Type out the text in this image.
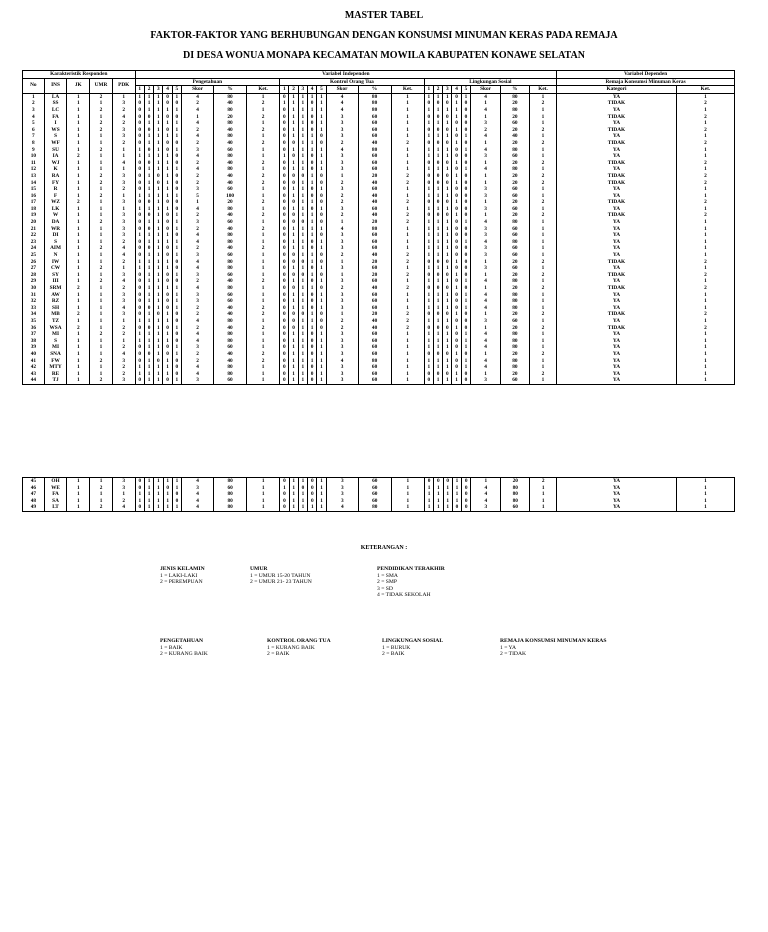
MASTER TABEL
FAKTOR-FAKTOR YANG BERHUBUNGAN DENGAN KONSUMSI MINUMAN KERAS PADA REMAJA
DI DESA WONUA MONAPA KECAMATAN MOWILA KABUPATEN KONAWE SELATAN
Karakteristik Responden					Variabel Independen																								Variabel Dependen	
No	INS	JK	UMR	PDK	Pengetahuan								Kontrol Orang Tua								Lingkungan Sosial								Remaja Konsumsi Minuman Keras	
					1	2	3	4	5	Skor	%	Ket.	1	2	3	4	5	Skor	%	Ket.	1	2	3	4	5	Skor	%	Ket.	Kategori	Ket.
1	LA	1	2	1	1	1	1	0	1	4	80	1	0	1	1	1	1	4	80	1	1	1	1	0	1	4	80	1	YA	1
2	SS	1	1	3	0	1	1	0	0	2	40	2	1	1	1	0	1	4	80	1	0	0	0	1	0	1	20	2	TIDAK	2
3	LC	1	2	2	0	1	1	1	1	4	80	1	0	1	1	1	1	4	80	1	1	1	1	1	0	4	80	1	YA	1
4	FA	1	1	4	0	0	1	0	0	1	20	2	0	1	1	0	1	3	60	1	0	0	0	1	0	1	20	1	TIDAK	2
5	I	1	2	2	0	1	1	1	1	4	80	1	0	1	1	0	1	3	60	1	1	1	1	0	0	3	60	1	YA	1
6	WS	1	2	3	0	0	1	0	1	2	40	2	0	1	1	0	1	3	60	1	0	0	0	1	0	2	20	2	TIDAK	2
7	S	1	1	3	0	1	1	1	1	4	80	1	0	1	1	1	0	3	60	1	1	1	1	0	1	4	40	1	YA	1
8	WF	1	1	2	0	1	1	0	0	2	40	2	0	0	1	1	0	2	40	2	0	0	0	1	0	1	20	2	TIDAK	2
9	SU	1	2	1	1	0	1	0	1	3	60	1	0	1	1	1	1	4	80	1	1	1	1	0	1	4	80	1	YA	1
10	IA	2	1	1	1	1	1	1	0	4	80	1	1	0	1	0	1	3	60	1	1	1	1	0	0	3	60	1	YA	1
11	WJ	1	1	4	0	0	1	1	0	2	40	2	0	1	1	0	1	3	60	1	0	0	0	1	0	1	20	2	TIDAK	2
12	K	1	1	1	0	1	1	1	1	4	80	1	0	1	1	0	1	3	60	1	1	1	1	0	1	4	80	1	YA	1
13	RA	1	2	3	0	1	0	1	0	2	40	2	0	0	0	1	0	1	20	2	0	0	0	1	0	1	20	2	TIDAK	2
14	FY	1	2	3	0	1	0	1	0	2	40	2	0	0	1	1	0	2	40	2	0	0	0	1	0	1	20	2	TIDAK	2
15	R	1	1	2	0	1	1	1	0	3	60	1	0	1	1	0	1	3	60	1	1	1	1	0	0	3	60	1	YA	1
16	F	1	2	1	1	1	1	1	1	5	100	1	0	1	1	0	0	2	40	1	1	1	1	0	0	3	60	1	YA	1
17	WZ	2	1	3	0	0	1	0	0	1	20	2	0	0	1	1	0	2	40	2	0	0	0	1	0	1	20	2	TIDAK	2
18	LK	1	1	1	1	1	1	1	0	4	80	1	0	1	1	0	1	3	60	1	1	1	1	0	0	3	60	1	YA	1
19	W	1	1	3	0	0	1	0	1	2	40	2	0	0	1	1	0	2	40	2	0	0	0	1	0	1	20	2	TIDAK	2
20	DA	1	2	3	0	1	1	0	1	3	60	1	0	0	0	1	0	1	20	2	1	1	1	0	1	4	80	1	YA	1
21	WR	1	1	3	0	0	1	0	1	2	40	2	0	1	1	1	1	4	80	1	1	1	1	0	0	3	60	1	YA	1
22	DI	1	1	3	1	1	1	1	0	4	80	1	0	1	1	1	0	3	60	1	1	1	1	0	0	3	60	1	YA	1
23	S	1	1	2	0	1	1	1	1	4	80	1	0	1	1	0	1	3	60	1	1	1	1	0	1	4	80	1	YA	1
24	AIM	1	2	4	0	0	1	0	1	2	40	2	0	1	1	0	1	3	60	1	1	1	1	0	0	3	60	1	YA	1
25	N	1	1	4	0	1	1	0	1	3	60	1	0	0	1	1	0	2	40	2	1	1	1	0	0	3	60	1	YA	1
26	IW	1	1	2	1	1	1	1	0	4	80	1	0	0	0	1	0	1	20	2	0	0	0	1	0	1	20	2	TIDAK	2
27	CW	1	2	1	1	1	1	1	0	4	80	1	0	1	1	0	1	3	60	1	1	1	1	0	0	3	60	1	YA	1
28	SY	1	1	3	0	1	1	0	1	3	60	1	0	0	0	1	0	1	20	2	0	0	0	1	0	1	20	2	TIDAK	2
29	III	1	2	4	0	1	1	0	0	2	40	2	0	1	1	0	1	3	60	1	1	1	1	0	1	4	80	1	YA	1
30	SRM	2	1	2	0	1	1	1	1	4	80	1	0	0	1	1	0	2	40	2	0	0	0	1	0	1	20	2	TIDAK	2
31	AW	1	1	3	0	1	1	0	1	3	60	1	0	1	1	0	1	3	60	1	1	1	1	0	1	4	80	1	YA	1
32	RZ	1	1	3	0	1	1	0	1	3	60	1	0	1	1	0	1	3	60	1	1	1	1	0	1	4	80	1	YA	1
33	SH	1	1	4	0	0	1	0	1	2	40	2	0	1	1	0	1	3	60	1	1	1	1	0	1	4	80	1	YA	1
34	MB	2	1	3	0	1	0	1	0	2	40	2	0	0	0	1	0	1	20	2	0	0	0	1	0	1	20	2	TIDAK	2
35	TZ	1	1	1	1	1	1	1	0	4	80	1	0	0	1	1	0	2	40	2	1	1	1	0	0	3	60	1	YA	1
36	WSA	2	1	2	0	0	1	0	1	2	40	2	0	0	1	1	0	2	40	2	0	0	0	1	0	1	20	2	TIDAK	2
37	MI	1	2	2	1	1	1	1	0	4	80	1	0	1	1	0	1	3	60	1	1	1	1	0	1	4	80	1	YA	1
38	S	1	1	1	1	1	1	1	0	4	80	1	0	1	1	0	1	3	60	1	1	1	1	0	1	4	80	1	YA	1
39	MI	1	1	2	0	1	1	0	1	3	60	1	0	1	1	0	1	3	60	1	1	1	1	0	1	4	80	1	YA	1
40	SNA	1	1	4	0	0	1	0	1	2	40	2	0	1	1	0	1	3	60	1	0	0	0	1	0	1	20	2	YA	1
41	FW	1	2	3	0	1	0	1	0	2	40	2	0	1	1	1	1	4	80	1	1	1	1	0	1	4	80	1	YA	1
42	MTY	1	1	2	1	1	1	1	0	4	80	1	0	1	1	0	1	3	60	1	1	1	1	0	1	4	80	1	YA	1
43	RE	1	1	2	1	1	1	1	0	4	80	1	0	1	1	0	1	3	60	1	0	0	0	1	0	1	20	2	YA	1
44	TJ	1	2	3	0	1	1	0	1	3	60	1	0	1	1	0	1	3	60	1	0	1	1	1	0	3	60	1	YA	1
45	OH	1	1	3	0	1	1	1	1	4	80	1	0	1	1	0	1	3	60	1	0	0	0	1	0	1	20	2	YA	1
46	WE	1	2	3	0	1	1	0	1	3	60	1	1	1	0	0	1	3	60	1	1	1	1	1	0	4	80	1	YA	1
47	FA	1	1	1	1	1	1	1	0	4	80	1	0	1	1	0	1	3	60	1	1	1	1	1	0	4	80	1	YA	1
48	SA	1	1	2	1	1	1	1	0	4	80	1	0	1	1	0	1	3	60	1	1	1	1	1	0	4	80	1	YA	1
49	LT	1	2	4	0	1	1	1	1	4	80	1	0	1	1	1	1	4	80	1	1	1	1	0	0	3	60	1	YA	1
KETERANGAN :
JENIS KELAMIN
1 = LAKI-LAKI
2 = PEREMPUAN
UMUR
1 = UMUR 15-20 TAHUN
2 = UMUR 21- 23 TAHUN
PENDIDIKAN TERAKHIR
1 = SMA
2 = SMP
3 = SD
4 = TIDAK SEKOLAH
PENGETAHUAN
1 = BAIK
2 = KURANG BAIK
KONTROL ORANG TUA
1 = KURANG BAIK
2 = BAIK
LINGKUNGAN SOSIAL
1 = BURUK
2 = BAIK
REMAJA KONSUMSI MINUMAN KERAS
1 = YA
2 = TIDAK
